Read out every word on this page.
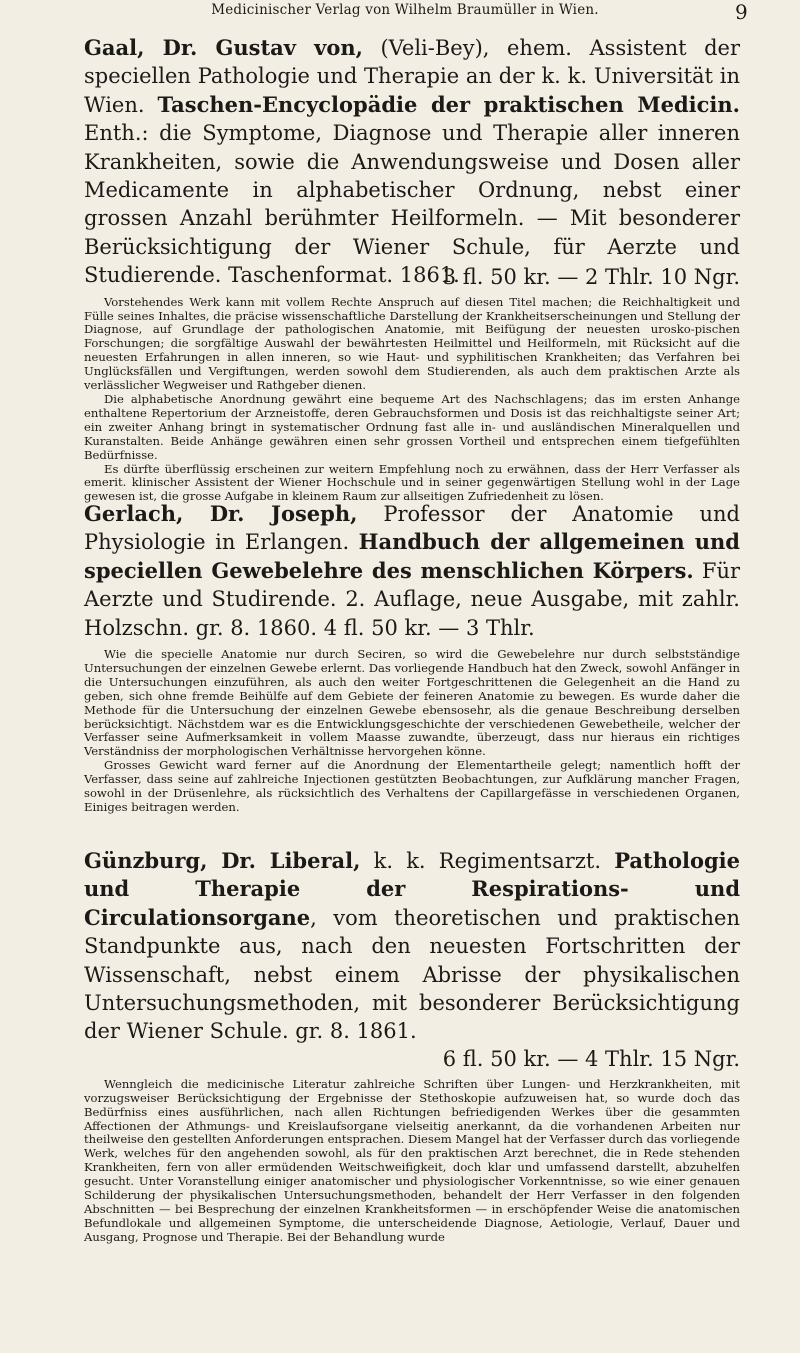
Medicinischer Verlag von Wilhelm Braumüller in Wien.	9

Gaal, Dr. Gustav von, (Veli-Bey), ehem. Assistent der speciellen Pathologie und Therapie an der k. k. Universität in Wien. Taschen-Encyclopädie der praktischen Medicin. Enth.: die Symptome, Diagnose und Therapie aller inneren Krankheiten, sowie die Anwendungsweise und Dosen aller Medicamente in alphabetischer Ordnung, nebst einer grossen Anzahl berühmter Heilformeln. — Mit besonderer Berücksichtigung der Wiener Schule, für Aerzte und Studierende. Taschenformat. 1861.

3 fl. 50 kr. — 2 Thlr. 10 Ngr.

Vorstehendes Werk kann mit vollem Rechte Anspruch auf diesen Titel machen; die Reichhaltigkeit und Fülle seines Inhaltes, die präcise wissenschaftliche Darstellung der Krankheitserscheinungen und Stellung der Diagnose, auf Grundlage der pathologischen Anatomie, mit Beifügung der neuesten urosko-pischen Forschungen; die sorgfältige Auswahl der bewährtesten Heilmittel und Heilformeln, mit Rücksicht auf die neuesten Erfahrungen in allen inneren, so wie Haut- und syphilitischen Krankheiten; das Verfahren bei Unglücksfällen und Vergiftungen, werden sowohl dem Studierenden, als auch dem praktischen Arzte als verlässlicher Wegweiser und Rathgeber dienen.

Die alphabetische Anordnung gewährt eine bequeme Art des Nachschlagens; das im ersten Anhange enthaltene Repertorium der Arzneistoffe, deren Gebrauchsformen und Dosis ist das reichhaltigste seiner Art; ein zweiter Anhang bringt in systematischer Ordnung fast alle in- und ausländischen Mineralquellen und Kuranstalten. Beide Anhänge gewähren einen sehr grossen Vortheil und entsprechen einem tiefgefühlten Bedürfnisse.

Es dürfte überflüssig erscheinen zur weitern Empfehlung noch zu erwähnen, dass der Herr Verfasser als emerit. klinischer Assistent der Wiener Hochschule und in seiner gegenwärtigen Stellung wohl in der Lage gewesen ist, die grosse Aufgabe in kleinem Raum zur allseitigen Zufriedenheit zu lösen.

Gerlach, Dr. Joseph, Professor der Anatomie und Physiologie in Erlangen. Handbuch der allgemeinen und speciellen Gewebelehre des menschlichen Körpers. Für Aerzte und Studirende. 2. Auflage, neue Ausgabe, mit zahlr. Holzschn. gr. 8. 1860. 4 fl. 50 kr. — 3 Thlr.

Wie die specielle Anatomie nur durch Seciren, so wird die Gewebelehre nur durch selbstständige Untersuchungen der einzelnen Gewebe erlernt. Das vorliegende Handbuch hat den Zweck, sowohl Anfänger in die Untersuchungen einzuführen, als auch den weiter Fortgeschrittenen die Gelegenheit an die Hand zu geben, sich ohne fremde Beihülfe auf dem Gebiete der feineren Anatomie zu bewegen. Es wurde daher die Methode für die Untersuchung der einzelnen Gewebe ebensosehr, als die genaue Beschreibung derselben berücksichtigt. Nächstdem war es die Entwicklungsgeschichte der verschiedenen Gewebetheile, welcher der Verfasser seine Aufmerksamkeit in vollem Maasse zuwandte, überzeugt, dass nur hieraus ein richtiges Verständniss der morphologischen Verhältnisse hervorgehen könne.

Grosses Gewicht ward ferner auf die Anordnung der Elementartheile gelegt; namentlich hofft der Verfasser, dass seine auf zahlreiche Injectionen gestützten Beobachtungen, zur Aufklärung mancher Fragen, sowohl in der Drüsenlehre, als rücksichtlich des Verhaltens der Capillargefässe in verschiedenen Organen, Einiges beitragen werden.

Günzburg, Dr. Liberal, k. k. Regimentsarzt. Pathologie und Therapie der Respirations- und Circulationsorgane, vom theoretischen und praktischen Standpunkte aus, nach den neuesten Fortschritten der Wissenschaft, nebst einem Abrisse der physikalischen Untersuchungsmethoden, mit besonderer Berücksichtigung der Wiener Schule. gr. 8. 1861.

6 fl. 50 kr. — 4 Thlr. 15 Ngr.

Wenngleich die medicinische Literatur zahlreiche Schriften über Lungen- und Herzkrankheiten, mit vorzugsweiser Berücksichtigung der Ergebnisse der Stethoskopie aufzuweisen hat, so wurde doch das Bedürfniss eines ausführlichen, nach allen Richtungen befriedigenden Werkes über die gesammten Affectionen der Athmungs- und Kreislaufsorgane vielseitig anerkannt, da die vorhandenen Arbeiten nur theilweise den gestellten Anforderungen entsprachen. Diesem Mangel hat der Verfasser durch das vorliegende Werk, welches für den angehenden sowohl, als für den praktischen Arzt berechnet, die in Rede stehenden Krankheiten, fern von aller ermüdenden Weitschweifigkeit, doch klar und umfassend darstellt, abzuhelfen gesucht. Unter Voranstellung einiger anatomischer und physiologischer Vorkenntnisse, so wie einer genauen Schilderung der physikalischen Untersuchungsmethoden, behandelt der Herr Verfasser in den folgenden Abschnitten — bei Besprechung der einzelnen Krankheitsformen — in erschöpfender Weise die anatomischen Befundlokale und allgemeinen Symptome, die unterscheidende Diagnose, Aetiologie, Verlauf, Dauer und Ausgang, Prognose und Therapie. Bei der Behandlung wurde
